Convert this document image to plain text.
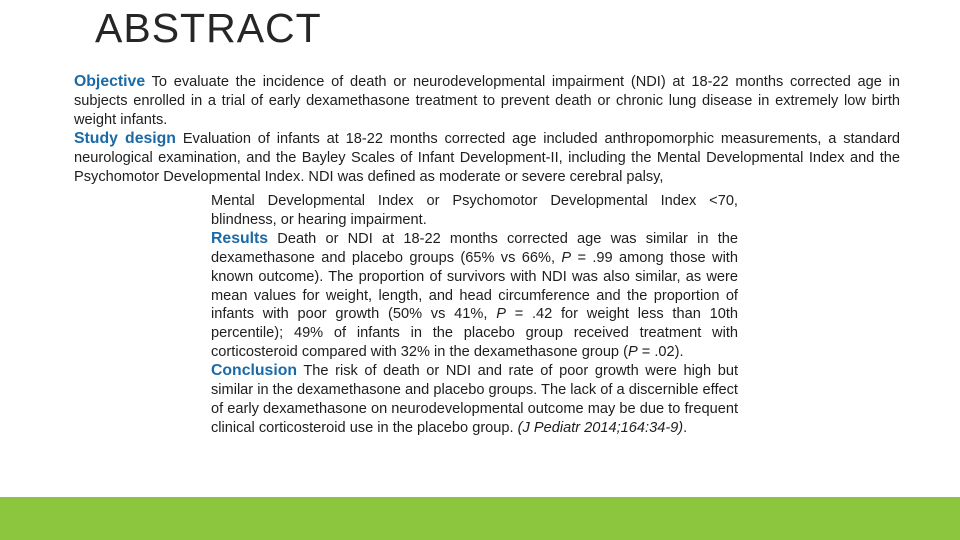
ABSTRACT

Objective To evaluate the incidence of death or neurodevelopmental impairment (NDI) at 18-22 months corrected age in subjects enrolled in a trial of early dexamethasone treatment to prevent death or chronic lung disease in extremely low birth weight infants.

Study design Evaluation of infants at 18-22 months corrected age included anthropomorphic measurements, a standard neurological examination, and the Bayley Scales of Infant Development-II, including the Mental Developmental Index and the Psychomotor Developmental Index. NDI was defined as moderate or severe cerebral palsy,

Mental Developmental Index or Psychomotor Developmental Index <70, blindness, or hearing impairment.

Results Death or NDI at 18-22 months corrected age was similar in the dexamethasone and placebo groups (65% vs 66%, P = .99 among those with known outcome). The proportion of survivors with NDI was also similar, as were mean values for weight, length, and head circumference and the proportion of infants with poor growth (50% vs 41%, P = .42 for weight less than 10th percentile); 49% of infants in the placebo group received treatment with corticosteroid compared with 32% in the dexamethasone group (P = .02).

Conclusion The risk of death or NDI and rate of poor growth were high but similar in the dexamethasone and placebo groups. The lack of a discernible effect of early dexamethasone on neurodevelopmental outcome may be due to frequent clinical corticosteroid use in the placebo group. (J Pediatr 2014;164:34-9).
